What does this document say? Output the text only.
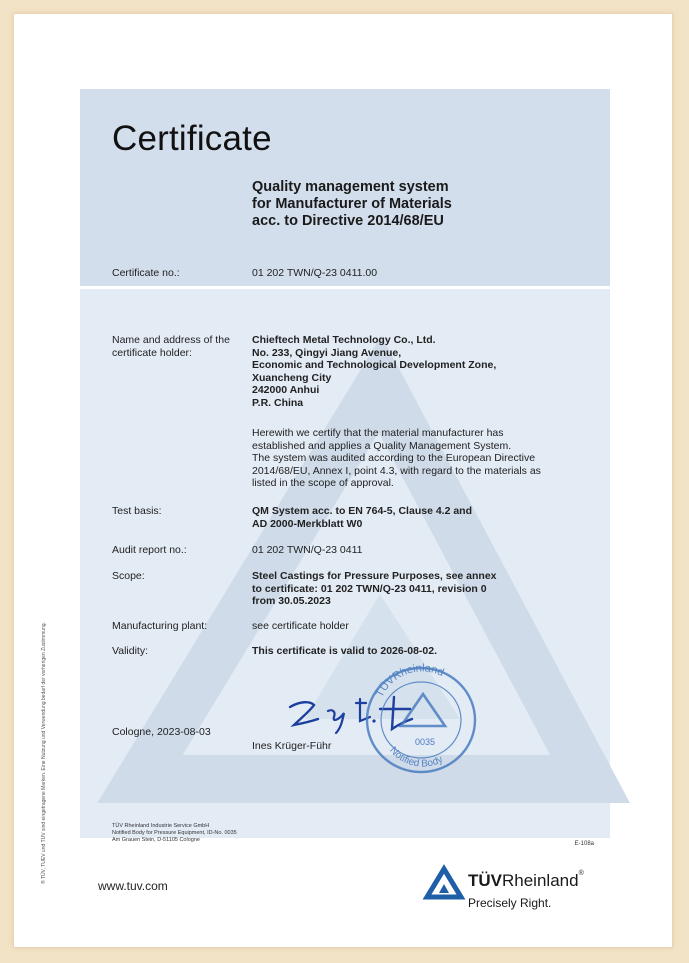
Certificate
Quality management system
for Manufacturer of Materials
acc. to Directive 2014/68/EU
Certificate no.:	01 202 TWN/Q-23 0411.00
Name and address of the
certificate holder:
Chieftech Metal Technology Co., Ltd.
No. 233, Qingyi Jiang Avenue,
Economic and Technological Development Zone,
Xuancheng City
242000 Anhui
P.R. China
Herewith we certify that the material manufacturer has
established and applies a Quality Management System.
The system was audited according to the European Directive
2014/68/EU, Annex I, point 4.3, with regard to the materials as
listed in the scope of approval.
Test basis:	QM System acc. to EN 764-5, Clause 4.2 and
AD 2000-Merkblatt W0
Audit report no.:	01 202 TWN/Q-23 0411
Scope:	Steel Castings for Pressure Purposes, see annex
to certificate: 01 202 TWN/Q-23 0411, revision 0
from 30.05.2023
Manufacturing plant:	see certificate holder
Validity:	This certificate is valid to 2026-08-02.
Cologne, 2023-08-03
Ines Krüger-Führ
TÜVRheinland
Notified Body
0035
TÜV Rheinland Industrie Service GmbH
Notified Body for Pressure Equipment, ID-No. 0035
Am Grauen Stein, D-51105 Cologne
E-108a
® TÜV, TUEV und TUV sind eingetragene Marken. Eine Nutzung und Verwendung bedarf der vorherigen Zustimmung.
www.tuv.com	TÜVRheinland®
Precisely Right.
